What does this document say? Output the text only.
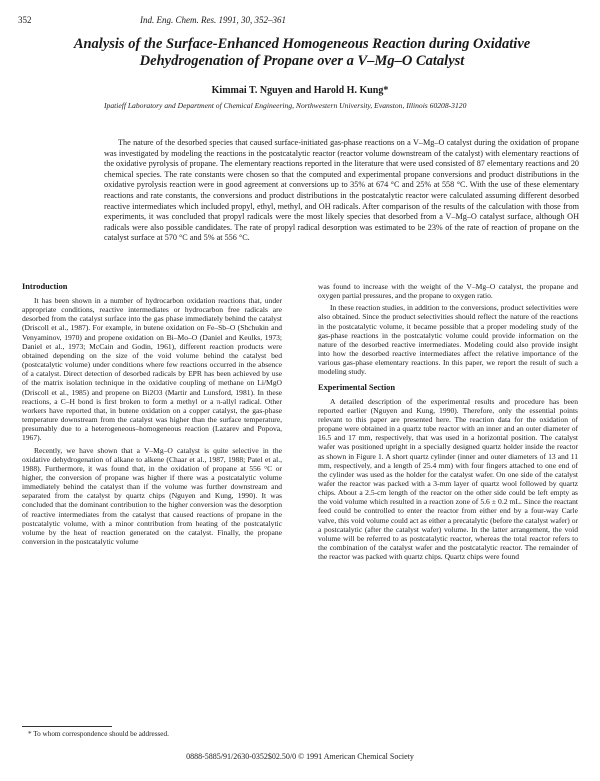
352	Ind. Eng. Chem. Res. 1991, 30, 352–361
Analysis of the Surface-Enhanced Homogeneous Reaction during Oxidative Dehydrogenation of Propane over a V–Mg–O Catalyst
Kimmai T. Nguyen and Harold H. Kung*
Ipatieff Laboratory and Department of Chemical Engineering, Northwestern University, Evanston, Illinois 60208-3120
The nature of the desorbed species that caused surface-initiated gas-phase reactions on a V–Mg–O catalyst during the oxidation of propane was investigated by modeling the reactions in the postcatalytic reactor (reactor volume downstream of the catalyst) with elementary reactions of the oxidative pyrolysis of propane. The elementary reactions reported in the literature that were used consisted of 87 elementary reactions and 20 chemical species. The rate constants were chosen so that the computed and experimental propane conversions and product distributions in the oxidative pyrolysis reaction were in good agreement at conversions up to 35% at 674 °C and 25% at 558 °C. With the use of these elementary reactions and rate constants, the conversions and product distributions in the postcatalytic reactor were calculated assuming different desorbed reactive intermediates which included propyl, ethyl, methyl, and OH radicals. After comparison of the results of the calculation with those from experiments, it was concluded that propyl radicals were the most likely species that desorbed from a V–Mg–O catalyst surface, although OH radicals were also possible candidates. The rate of propyl radical desorption was estimated to be 23% of the rate of reaction of propane on the catalyst surface at 570 °C and 5% at 556 °C.
Introduction

It has been shown in a number of hydrocarbon oxidation reactions that, under appropriate conditions, reactive intermediates or hydrocarbon free radicals are desorbed from the catalyst surface into the gas phase immediately behind the catalyst (Driscoll et al., 1987). For example, in butene oxidation on Fe–Sb–O (Shchukin and Venyaminov, 1970) and propene oxidation on Bi–Mo–O (Daniel and Keulks, 1973; Daniel et al., 1973; McCain and Godin, 1961), different reaction products were obtained depending on the size of the void volume behind the catalyst bed (postcatalytic volume) under conditions where few reactions occurred in the absence of a catalyst. Direct detection of desorbed radicals by EPR has been achieved by use of the matrix isolation technique in the oxidative coupling of methane on Li/MgO (Driscoll et al., 1985) and propene on Bi2O3 (Martir and Lunsford, 1981). In these reactions, a C–H bond is first broken to form a methyl or a π-allyl radical. Other workers have reported that, in butene oxidation on a copper catalyst, the gas-phase temperature downstream from the catalyst was higher than the surface temperature, presumably due to a heterogeneous–homogeneous reaction (Lazarev and Popova, 1967).

Recently, we have shown that a V–Mg–O catalyst is quite selective in the oxidative dehydrogenation of alkane to alkene (Chaar et al., 1987, 1988; Patel et al., 1988). Furthermore, it was found that, in the oxidation of propane at 556 °C or higher, the conversion of propane was higher if there was a postcatalytic volume immediately behind the catalyst than if the volume was further downstream and separated from the catalyst by quartz chips (Nguyen and Kung, 1990). It was concluded that the dominant contribution to the higher conversion was the desorption of reactive intermediates from the catalyst that caused reactions of propane in the postcatalytic volume, with a minor contribution from heating of the postcatalytic volume by the heat of reaction generated on the catalyst. Finally, the propane conversion in the postcatalytic volume

was found to increase with the weight of the V–Mg–O catalyst, the propane and oxygen partial pressures, and the propane to oxygen ratio.

In these reaction studies, in addition to the conversions, product selectivities were also obtained. Since the product selectivities should reflect the nature of the reactions in the postcatalytic volume, it became possible that a proper modeling study of the gas-phase reactions in the postcatalytic volume could provide information on the nature of the desorbed reactive intermediates. Modeling could also provide insight into how the desorbed reactive intermediates affect the relative importance of the various gas-phase elementary reactions. In this paper, we report the result of such a modeling study.

Experimental Section

A detailed description of the experimental results and procedure has been reported earlier (Nguyen and Kung, 1990). Therefore, only the essential points relevant to this paper are presented here. The reaction data for the oxidation of propane were obtained in a quartz tube reactor with an inner and an outer diameter of 16.5 and 17 mm, respectively, that was used in a horizontal position. The catalyst wafer was positioned upright in a specially designed quartz holder inside the reactor as shown in Figure 1. A short quartz cylinder (inner and outer diameters of 13 and 11 mm, respectively, and a length of 25.4 mm) with four fingers attached to one end of the cylinder was used as the holder for the catalyst wafer. On one side of the catalyst wafer the reactor was packed with a 3-mm layer of quartz wool followed by quartz chips. About a 2.5-cm length of the reactor on the other side could be left empty as the void volume which resulted in a reaction zone of 5.6 ± 0.2 mL. Since the reactant feed could be controlled to enter the reactor from either end by a four-way Carle valve, this void volume could act as either a precatalytic (before the catalyst wafer) or a postcatalytic (after the catalyst wafer) volume. In the latter arrangement, the void volume will be referred to as postcatalytic reactor, whereas the total reactor refers to the combination of the catalyst wafer and the postcatalytic reactor. The remainder of the reactor was packed with quartz chips. Quartz chips were found

* To whom correspondence should be addressed.
0888-5885/91/2630-0352$02.50/0 © 1991 American Chemical Society
